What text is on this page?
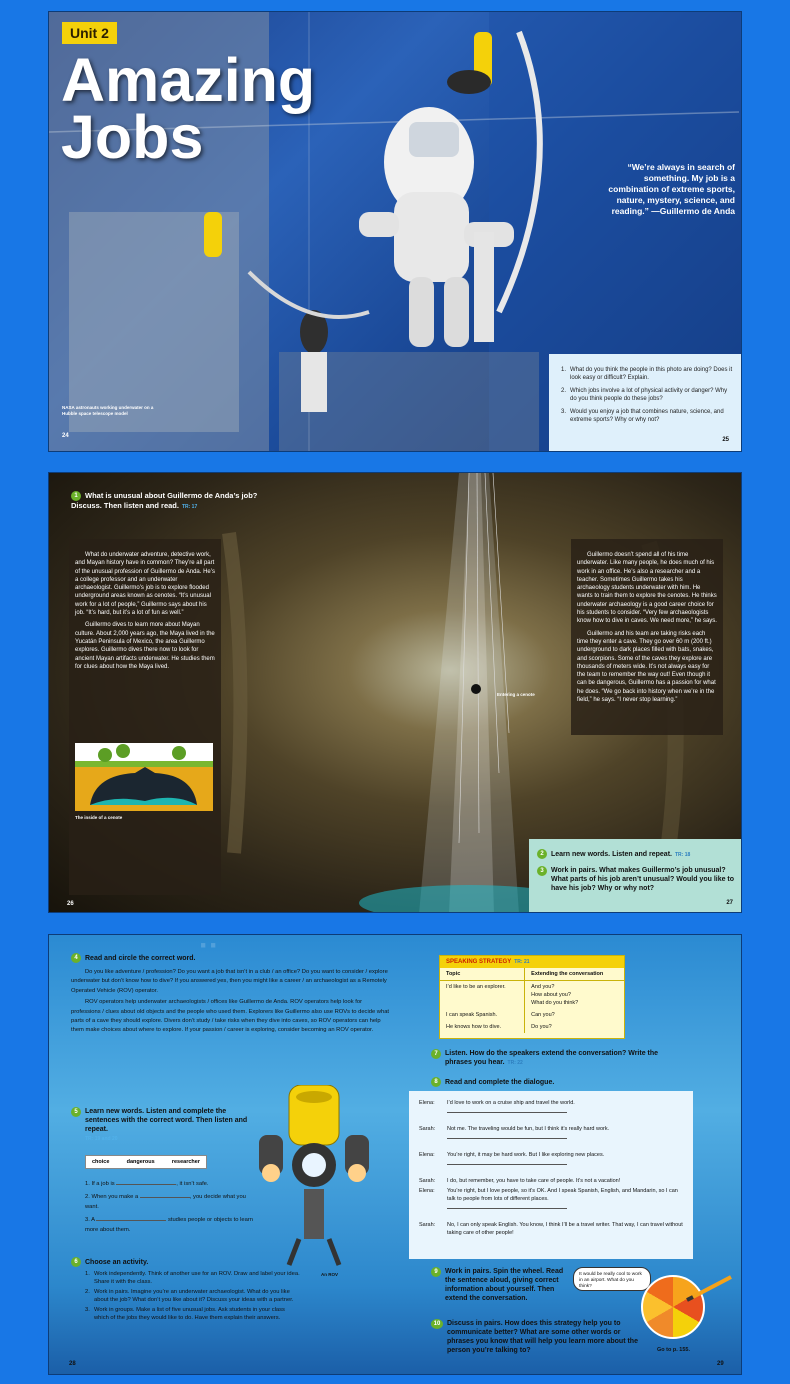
Unit 2
Amazing
Jobs	“We’re always in search of something. My job is a combination of extreme sports, nature, mystery, science, and reading.” —Guillermo de Anda
NASA astronauts working underwater on a Hubble space telescope model
24
1. What do you think the people in this photo are doing? Does it look easy or difficult? Explain.
2. Which jobs involve a lot of physical activity or danger? Why do you think people do these jobs?
3. Would you enjoy a job that combines nature, science, and extreme sports? Why or why not?
25
1 What is unusual about Guillermo de Anda’s job?
Discuss. Then listen and read. TR: 17

What do underwater adventure, detective work, and Mayan history have in common? They’re all part of the unusual profession of Guillermo de Anda. He’s a college professor and an underwater archaeologist. Guillermo’s job is to explore flooded underground areas known as cenotes. “It’s unusual work for a lot of people,” Guillermo says about his job. “It’s hard, but it’s a lot of fun as well.”

Guillermo dives to learn more about Mayan culture. About 2,000 years ago, the Maya lived in the Yucatán Peninsula of Mexico, the area Guillermo explores. Guillermo dives there now to look for ancient Mayan artifacts underwater. He studies them for clues about how the Maya lived.

The inside of a cenote
Entering a cenote

Guillermo doesn’t spend all of his time underwater. Like many people, he does much of his work in an office. He’s also a researcher and a teacher. Sometimes Guillermo takes his archaeology students underwater with him. He wants to train them to explore the cenotes. He thinks underwater archaeology is a good career choice for his students to consider. “Very few archaeologists know how to dive in caves. We need more,” he says.

Guillermo and his team are taking risks each time they enter a cave. They go over 60 m (200 ft.) underground to dark places filled with bats, snakes, and scorpions. Some of the caves they explore are thousands of meters wide. It’s not always easy for the team to remember the way out! Even though it can be dangerous, Guillermo has a passion for what he does. “We go back into history when we’re in the field,” he says. “I never stop learning.”

26
2 Learn new words. Listen and repeat. TR: 18
3	Work in pairs. What makes Guillermo’s job unusual? What parts of his job aren’t unusual? Would you like to have his job? Why or why not?
27
··
4 Read and circle the correct word.
Do you like adventure / profession? Do you want a job that isn’t in a club / an office? Do you want to consider / explore underwater but don’t know how to dive? If you answered yes, then you might like a career / an archaeologist as a Remotely Operated Vehicle (ROV) operator.
ROV operators help underwater archaeologists / offices like Guillermo de Anda. ROV operators help look for professions / clues about old objects and the people who used them. Explorers like Guillermo also use ROVs to decide what parts of a cave they should explore. Divers don’t study / take risks when they dive into caves, so ROV operators can help them make choices about where to explore. If your passion / career is exploring, consider becoming an ROV operator.
5	Learn new words. Listen and complete the sentences with the correct word. Then listen and repeat.
TR: 19 and 20
choice	dangerous	researcher
1. If a job is	, it isn’t safe.
2. When you make a	, you decide what you want.
3. A	studies people or objects to learn more about them.
An ROV
6 Choose an activity.
1. Work independently. Think of another use for an ROV. Draw and label your idea. Share it with the class.
2. Work in pairs. Imagine you’re an underwater archaeologist. What do you like about the job? What don’t you like about it? Discuss your ideas with a partner.
3. Work in groups. Make a list of five unusual jobs. Ask students in your class which of the jobs they would like to do. Have them explain their answers.
28
SPEAKING STRATEGY TR: 21
Topic	Extending the conversation
I’d like to be an explorer.	And you?
How about you?
What do you think?
I can speak Spanish.	Can you?
He knows how to dive.	Do you?
7	Listen. How do the speakers extend the conversation? Write the phrases you hear. TR: 22
8 Read and complete the dialogue.
Elena:	I’d love to work on a cruise ship and travel the world.

Sarah:	Not me. The traveling would be fun, but I think it’s really hard work.

Elena:	You’re right, it may be hard work. But I like exploring new places.

Sarah:	I do, but remember, you have to take care of people. It’s not a vacation!
Elena:	You’re right, but I love people, so it’s OK. And I speak Spanish, English, and Mandarin, so I can talk to people from lots of different places.

Sarah:	No, I can only speak English. You know, I think I’ll be a travel writer. That way, I can travel without taking care of other people!
9	Work in pairs. Spin the wheel. Read the sentence aloud, giving correct information about yourself. Then extend the conversation.
It would be really cool to work in an airport. What do you think?
10 Discuss in pairs. How does this strategy help you to communicate better? What are some other words or phrases you know that will help you learn more about the person you’re talking to?	Go to p. 155.
29
